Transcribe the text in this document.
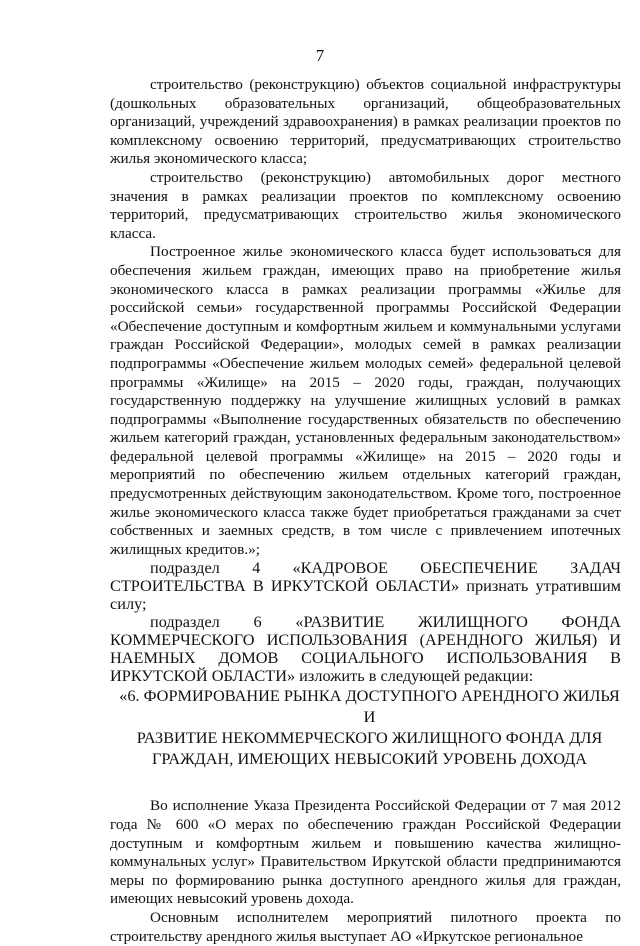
7

строительство (реконструкцию) объектов социальной инфраструктуры (дошкольных образовательных организаций, общеобразовательных организаций, учреждений здравоохранения) в рамках реализации проектов по комплексному освоению территорий, предусматривающих строительство жилья экономического класса;

строительство (реконструкцию) автомобильных дорог местного значения в рамках реализации проектов по комплексному освоению территорий, предусматривающих строительство жилья экономического класса.

Построенное жилье экономического класса будет использоваться для обеспечения жильем граждан, имеющих право на приобретение жилья экономического класса в рамках реализации программы «Жилье для российской семьи» государственной программы Российской Федерации «Обеспечение доступным и комфортным жильем и коммунальными услугами граждан Российской Федерации», молодых семей в рамках реализации подпрограммы «Обеспечение жильем молодых семей» федеральной целевой программы «Жилище» на 2015 – 2020 годы, граждан, получающих государственную поддержку на улучшение жилищных условий в рамках подпрограммы «Выполнение государственных обязательств по обеспечению жильем категорий граждан, установленных федеральным законодательством» федеральной целевой программы «Жилище» на 2015 – 2020 годы и мероприятий по обеспечению жильем отдельных категорий граждан, предусмотренных действующим законодательством. Кроме того, построенное жилье экономического класса также будет приобретаться гражданами за счет собственных и заемных средств, в том числе с привлечением ипотечных жилищных кредитов.»;

подраздел 4 «КАДРОВОЕ ОБЕСПЕЧЕНИЕ ЗАДАЧ СТРОИТЕЛЬСТВА В ИРКУТСКОЙ ОБЛАСТИ» признать утратившим силу;

подраздел 6 «РАЗВИТИЕ ЖИЛИЩНОГО ФОНДА КОММЕРЧЕСКОГО ИСПОЛЬЗОВАНИЯ (АРЕНДНОГО ЖИЛЬЯ) И НАЕМНЫХ ДОМОВ СОЦИАЛЬНОГО ИСПОЛЬЗОВАНИЯ В ИРКУТСКОЙ ОБЛАСТИ» изложить в следующей редакции:

«6. ФОРМИРОВАНИЕ РЫНКА ДОСТУПНОГО АРЕНДНОГО ЖИЛЬЯ И

РАЗВИТИЕ НЕКОММЕРЧЕСКОГО ЖИЛИЩНОГО ФОНДА ДЛЯ

ГРАЖДАН, ИМЕЮЩИХ НЕВЫСОКИЙ УРОВЕНЬ ДОХОДА

Во исполнение Указа Президента Российской Федерации от 7 мая 2012 года № 600 «О мерах по обеспечению граждан Российской Федерации доступным и комфортным жильем и повышению качества жилищно-коммунальных услуг» Правительством Иркутской области предпринимаются меры по формированию рынка доступного арендного жилья для граждан, имеющих невысокий уровень дохода.

Основным исполнителем мероприятий пилотного проекта по строительству арендного жилья выступает АО «Иркутское региональное
